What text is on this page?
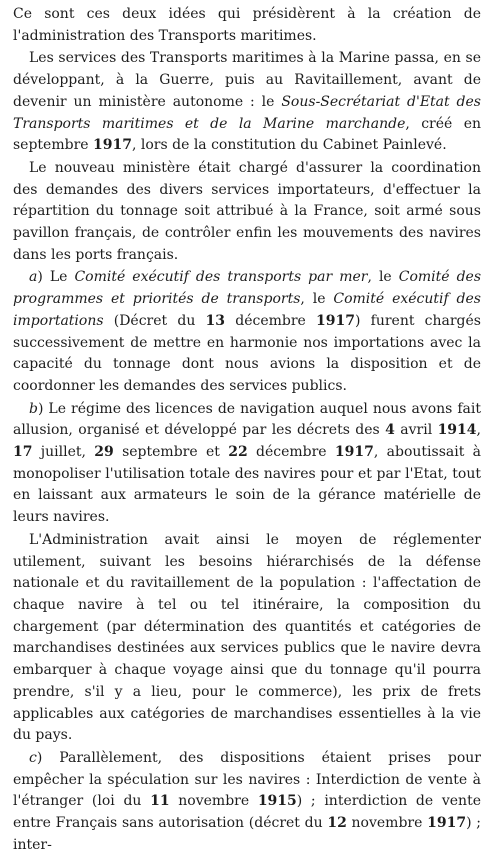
Ce sont ces deux idées qui présidèrent à la création de l'administration des Transports maritimes.

Les services des Transports maritimes à la Marine passa, en se développant, à la Guerre, puis au Ravitaillement, avant de devenir un ministère autonome : le Sous-Secrétariat d'Etat des Transports maritimes et de la Marine marchande, créé en septembre 1917, lors de la constitution du Cabinet Painlevé.

Le nouveau ministère était chargé d'assurer la coordination des demandes des divers services importateurs, d'effectuer la répartition du tonnage soit attribué à la France, soit armé sous pavillon français, de contrôler enfin les mouvements des navires dans les ports français.

a) Le Comité exécutif des transports par mer, le Comité des programmes et priorités de transports, le Comité exécutif des importations (Décret du 13 décembre 1917) furent chargés successivement de mettre en harmonie nos importations avec la capacité du tonnage dont nous avions la disposition et de coordonner les demandes des services publics.

b) Le régime des licences de navigation auquel nous avons fait allusion, organisé et développé par les décrets des 4 avril 1914, 17 juillet, 29 septembre et 22 décembre 1917, aboutissait à monopoliser l'utilisation totale des navires pour et par l'Etat, tout en laissant aux armateurs le soin de la gérance matérielle de leurs navires.

L'Administration avait ainsi le moyen de réglementer utilement, suivant les besoins hiérarchisés de la défense nationale et du ravitaillement de la population : l'affectation de chaque navire à tel ou tel itinéraire, la composition du chargement (par détermination des quantités et catégories de marchandises destinées aux services publics que le navire devra embarquer à chaque voyage ainsi que du tonnage qu'il pourra prendre, s'il y a lieu, pour le commerce), les prix de frets applicables aux catégories de marchandises essentielles à la vie du pays.

c) Parallèlement, des dispositions étaient prises pour empêcher la spéculation sur les navires : Interdiction de vente à l'étranger (loi du 11 novembre 1915) ; interdiction de vente entre Français sans autorisation (décret du 12 novembre 1917) ; inter-
